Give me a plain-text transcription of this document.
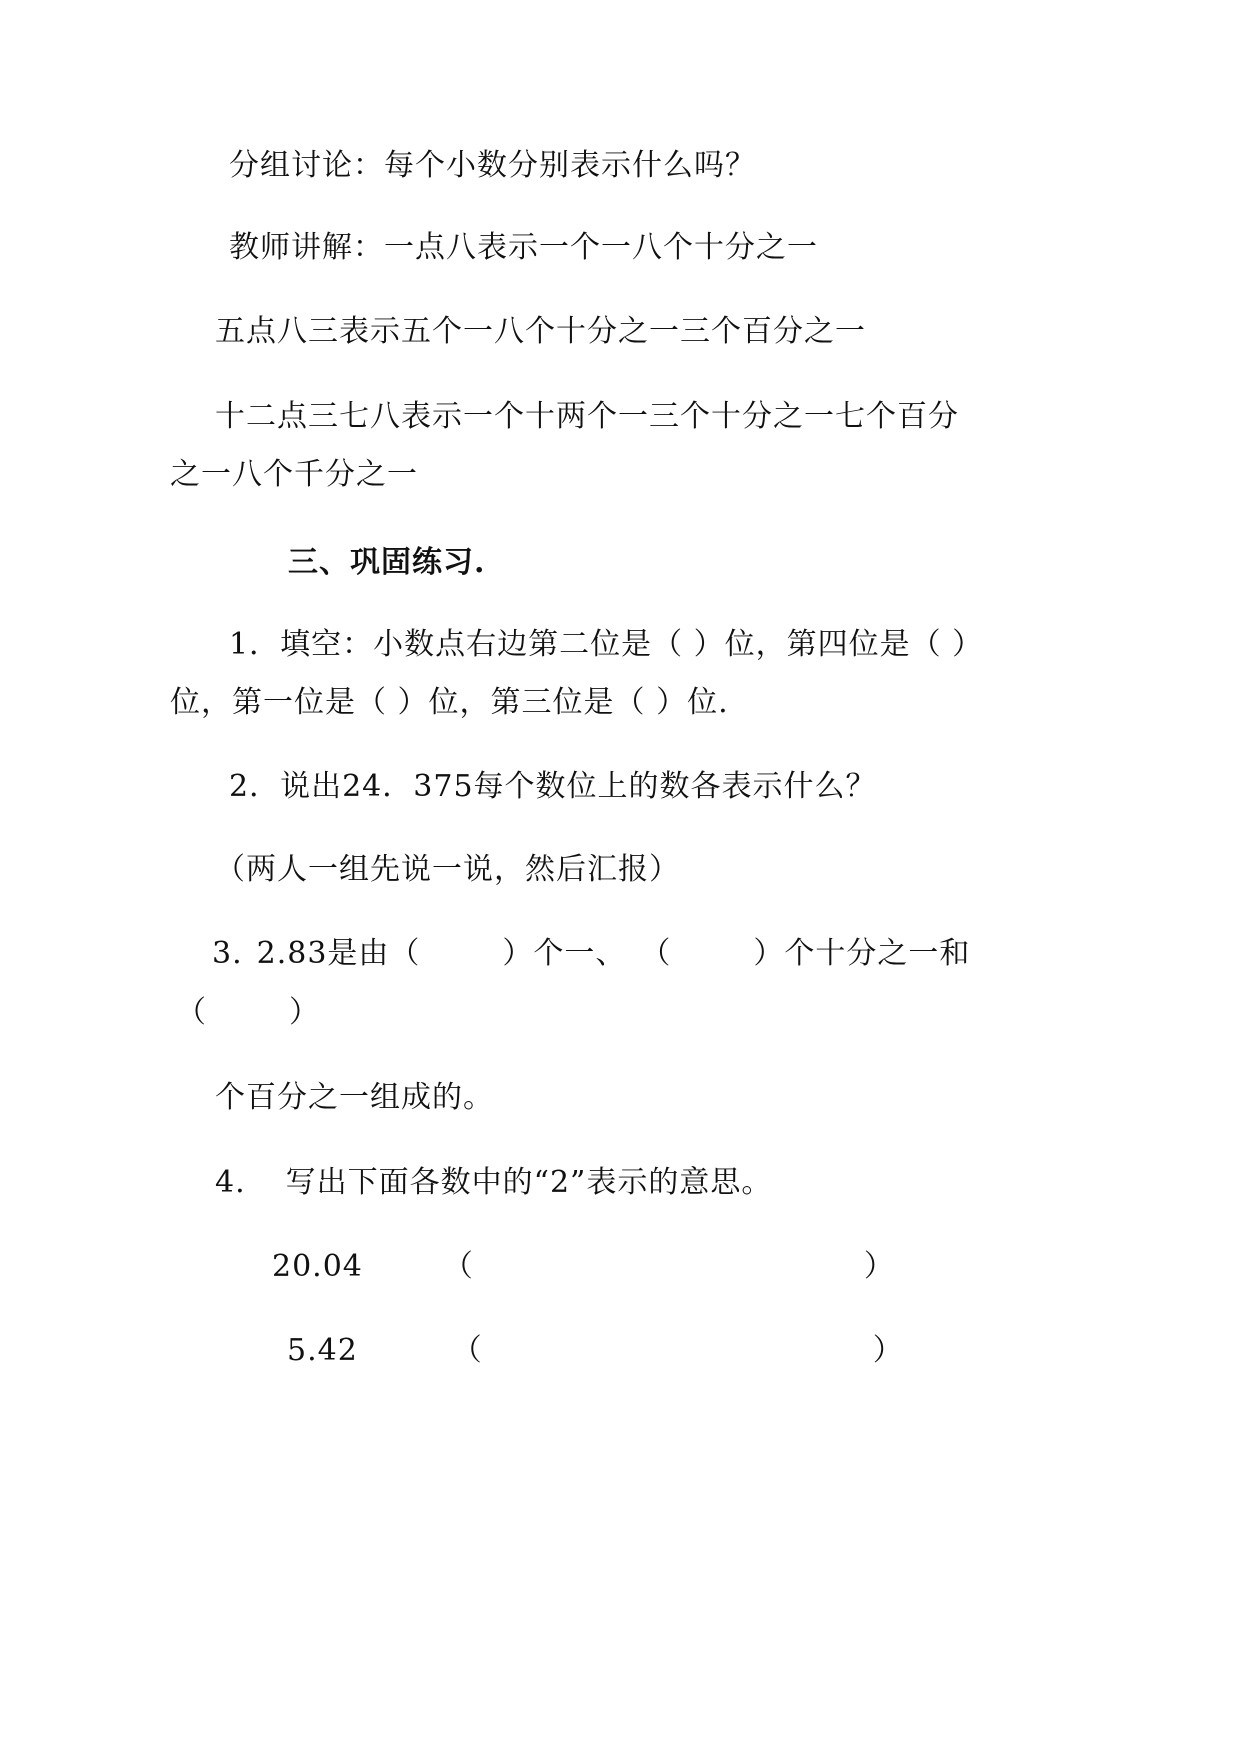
分组讨论：每个小数分别表示什么吗？

教师讲解：一点八表示一个一八个十分之一

五点八三表示五个一八个十分之一三个百分之一

十二点三七八表示一个十两个一三个十分之一七个百分

之一八个千分之一

三、巩固练习.

1．填空：小数点右边第二位是（ ）位，第四位是（ ）

位，第一位是（ ）位，第三位是（ ）位.

2．说出24．375每个数位上的数各表示什么？

（两人一组先说一说，然后汇报）

3. 2.83是由（	）个一、 （	）个十分之一和

（	）

个百分之一组成的。

4. 写出下面各数中的“2”表示的意思。

20.04	（	）

5.42	（	）
